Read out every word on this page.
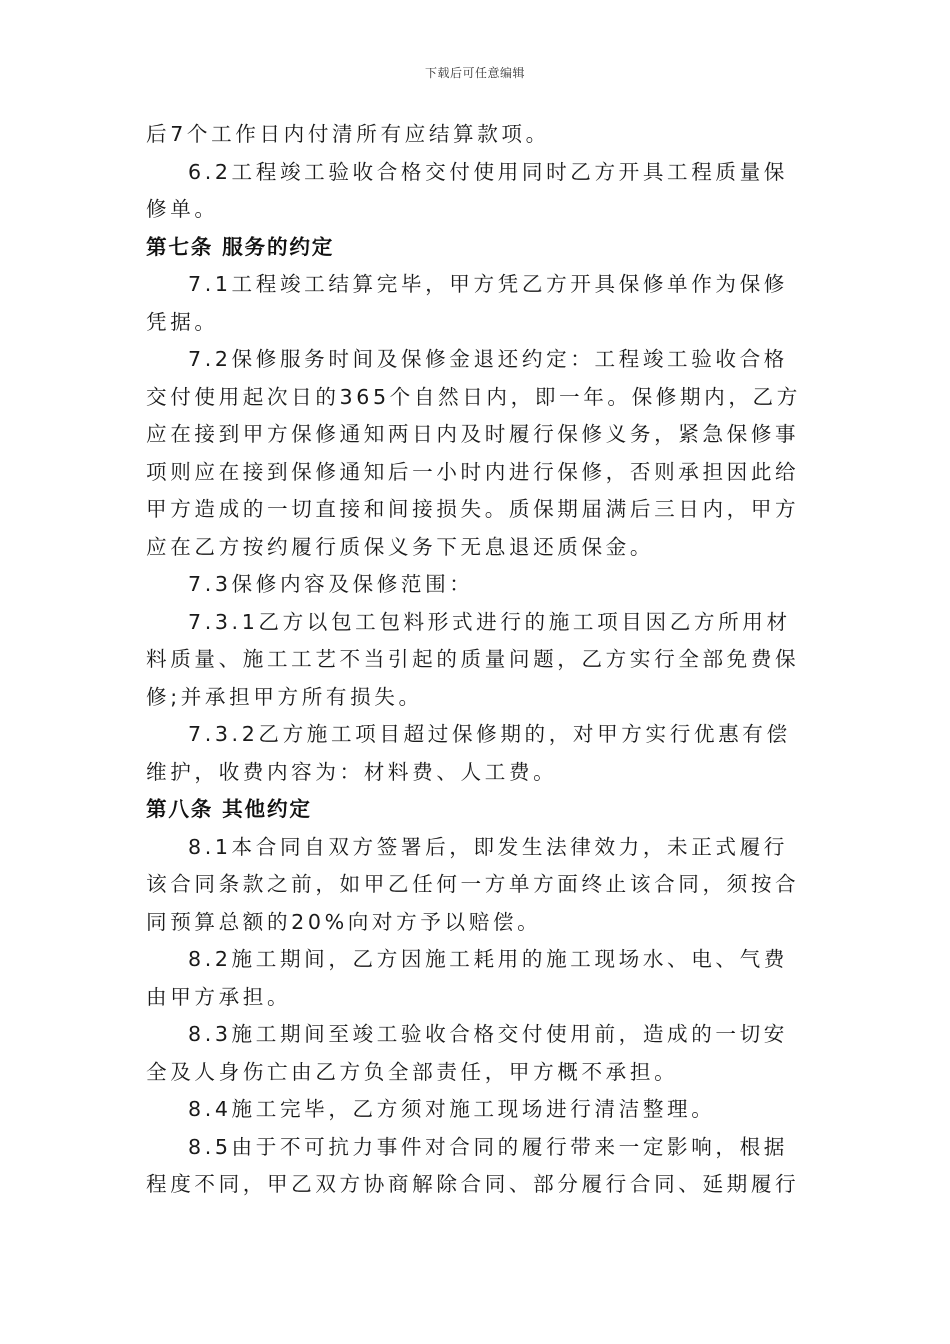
下载后可任意编辑
后7个工作日内付清所有应结算款项。
6.2工程竣工验收合格交付使用同时乙方开具工程质量保
修单。
第七条 服务的约定
7.1工程竣工结算完毕，甲方凭乙方开具保修单作为保修
凭据。
7.2保修服务时间及保修金退还约定：工程竣工验收合格
交付使用起次日的365个自然日内，即一年。保修期内，乙方
应在接到甲方保修通知两日内及时履行保修义务，紧急保修事
项则应在接到保修通知后一小时内进行保修，否则承担因此给
甲方造成的一切直接和间接损失。质保期届满后三日内，甲方
应在乙方按约履行质保义务下无息退还质保金。
7.3保修内容及保修范围：
7.3.1乙方以包工包料形式进行的施工项目因乙方所用材
料质量、施工工艺不当引起的质量问题，乙方实行全部免费保
修;并承担甲方所有损失。
7.3.2乙方施工项目超过保修期的，对甲方实行优惠有偿
维护，收费内容为：材料费、人工费。
第八条 其他约定
8.1本合同自双方签署后，即发生法律效力，未正式履行
该合同条款之前，如甲乙任何一方单方面终止该合同，须按合
同预算总额的20%向对方予以赔偿。
8.2施工期间，乙方因施工耗用的施工现场水、电、气费
由甲方承担。
8.3施工期间至竣工验收合格交付使用前，造成的一切安
全及人身伤亡由乙方负全部责任，甲方概不承担。
8.4施工完毕，乙方须对施工现场进行清洁整理。
8.5由于不可抗力事件对合同的履行带来一定影响，根据
程度不同，甲乙双方协商解除合同、部分履行合同、延期履行
